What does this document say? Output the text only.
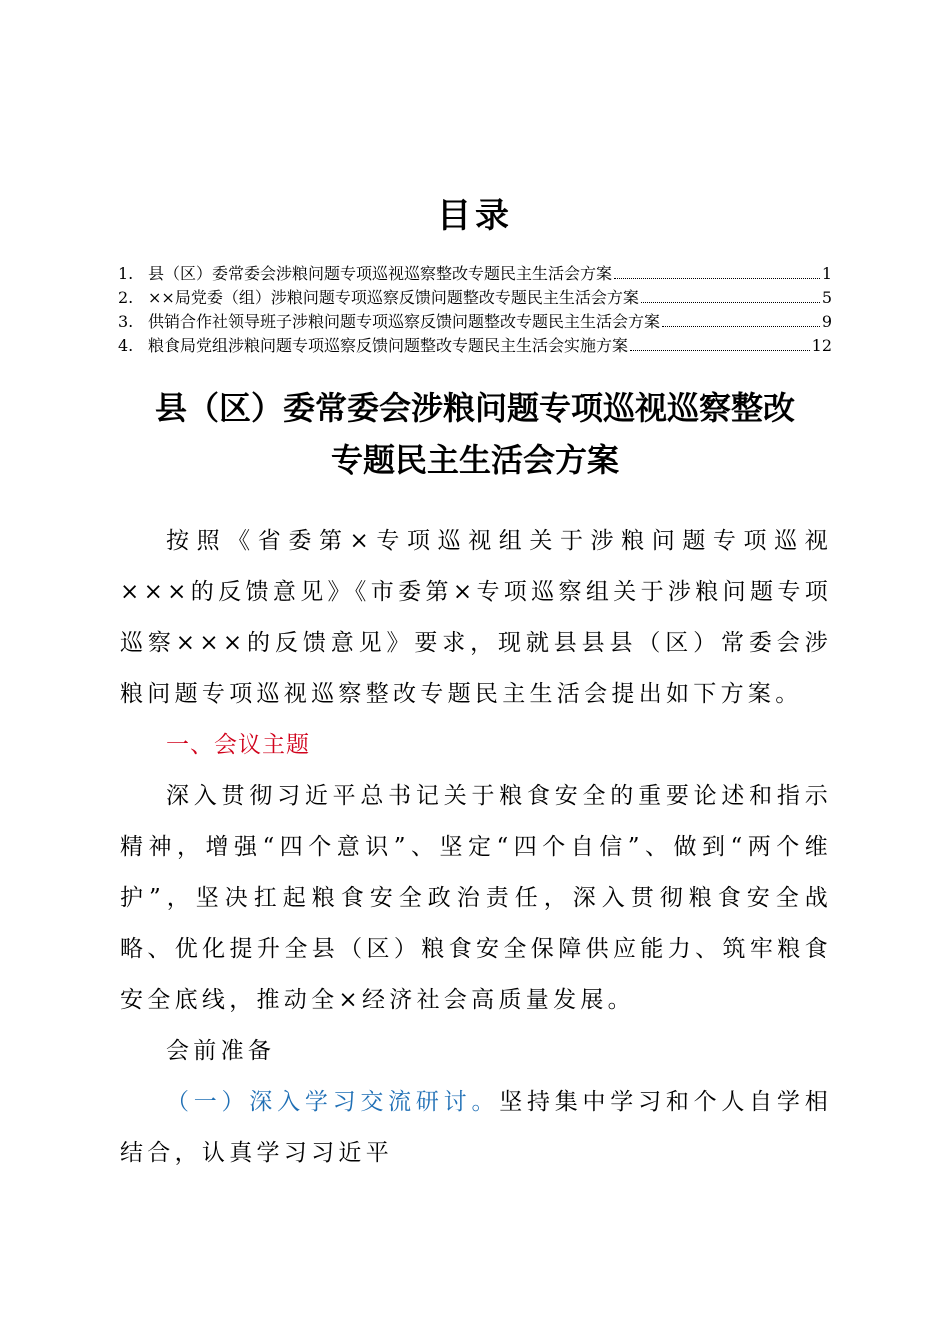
目录
1. 县（区）委常委会涉粮问题专项巡视巡察整改专题民主生活会方案	1
2. ××局党委（组）涉粮问题专项巡察反馈问题整改专题民主生活会方案	5
3. 供销合作社领导班子涉粮问题专项巡察反馈问题整改专题民主生活会方案	9
4. 粮食局党组涉粮问题专项巡察反馈问题整改专题民主生活会实施方案	12
县（区）委常委会涉粮问题专项巡视巡察整改
专题民主生活会方案

按照《省委第×专项巡视组关于涉粮问题专项巡视×××的反馈意见》《市委第×专项巡察组关于涉粮问题专项巡察×××的反馈意见》要求，现就县县县（区）常委会涉粮问题专项巡视巡察整改专题民主生活会提出如下方案。

一、会议主题

深入贯彻习近平总书记关于粮食安全的重要论述和指示精神，增强“四个意识”、坚定“四个自信”、做到“两个维护”，坚决扛起粮食安全政治责任，深入贯彻粮食安全战略、优化提升全县（区）粮食安全保障供应能力、筑牢粮食安全底线，推动全×经济社会高质量发展。

会前准备

（一）深入学习交流研讨。坚持集中学习和个人自学相结合，认真学习习近平
